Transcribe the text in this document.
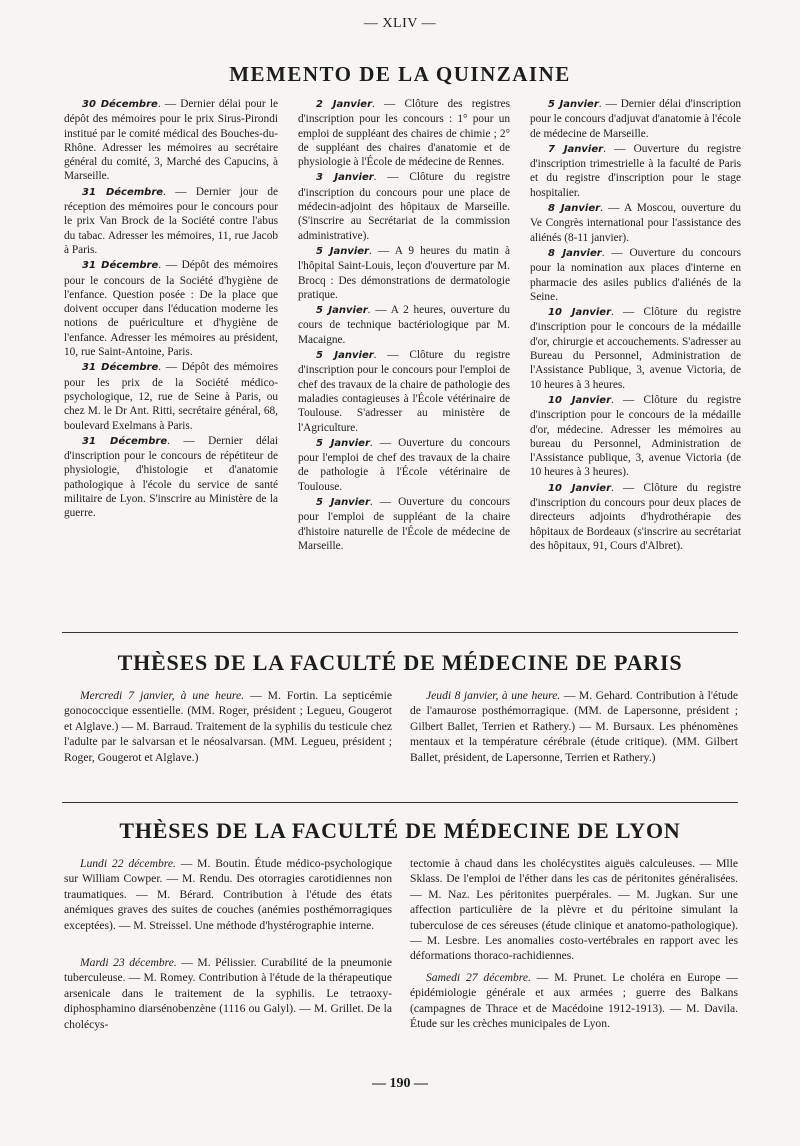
— XLIV —
MEMENTO DE LA QUINZAINE

30 Décembre. — Dernier délai pour le dépôt des mémoires pour le prix Sirus-Pirondi institué par le comité médical des Bouches-du-Rhône. Adresser les mémoires au secrétaire général du comité, 3, Marché des Capucins, à Marseille.

31 Décembre. — Dernier jour de réception des mémoires pour le concours pour le prix Van Brock de la Société contre l'abus du tabac. Adresser les mémoires, 11, rue Jacob à Paris.

31 Décembre. — Dépôt des mémoires pour le concours de la Société d'hygiène de l'enfance. Question posée : De la place que doivent occuper dans l'éducation moderne les notions de puériculture et d'hygiène de l'enfance. Adresser les mémoires au président, 10, rue Saint-Antoine, Paris.

31 Décembre. — Dépôt des mémoires pour les prix de la Société médico-psychologique, 12, rue de Seine à Paris, ou chez M. le Dr Ant. Ritti, secrétaire général, 68, boulevard Exelmans à Paris.

31 Décembre. — Dernier délai d'inscription pour le concours de répétiteur de physiologie, d'histologie et d'anatomie pathologique à l'école du service de santé militaire de Lyon. S'inscrire au Ministère de la guerre.

2 Janvier. — Clôture des registres d'inscription pour les concours : 1° pour un emploi de suppléant des chaires de chimie ; 2° de suppléant des chaires d'anatomie et de physiologie à l'École de médecine de Rennes.

3 Janvier. — Clôture du registre d'inscription du concours pour une place de médecin-adjoint des hôpitaux de Marseille. (S'inscrire au Secrétariat de la commission administrative).

5 Janvier. — A 9 heures du matin à l'hôpital Saint-Louis, leçon d'ouverture par M. Brocq : Des démonstrations de dermatologie pratique.

5 Janvier. — A 2 heures, ouverture du cours de technique bactériologique par M. Macaigne.

5 Janvier. — Clôture du registre d'inscription pour le concours pour l'emploi de chef des travaux de la chaire de pathologie des maladies contagieuses à l'École vétérinaire de Toulouse. S'adresser au ministère de l'Agriculture.

5 Janvier. — Ouverture du concours pour l'emploi de chef des travaux de la chaire de pathologie à l'École vétérinaire de Toulouse.

5 Janvier. — Ouverture du concours pour l'emploi de suppléant de la chaire d'histoire naturelle de l'École de médecine de Marseille.

5 Janvier. — Dernier délai d'inscription pour le concours d'adjuvat d'anatomie à l'école de médecine de Marseille.

7 Janvier. — Ouverture du registre d'inscription trimestrielle à la faculté de Paris et du registre d'inscription pour le stage hospitalier.

8 Janvier. — A Moscou, ouverture du Ve Congrès international pour l'assistance des aliénés (8-11 janvier).

8 Janvier. — Ouverture du concours pour la nomination aux places d'interne en pharmacie des asiles publics d'aliénés de la Seine.

10 Janvier. — Clôture du registre d'inscription pour le concours de la médaille d'or, chirurgie et accouchements. S'adresser au Bureau du Personnel, Administration de l'Assistance Publique, 3, avenue Victoria, de 10 heures à 3 heures.

10 Janvier. — Clôture du registre d'inscription pour le concours de la médaille d'or, médecine. Adresser les mémoires au bureau du Personnel, Administration de l'Assistance publique, 3, avenue Victoria (de 10 heures à 3 heures).

10 Janvier. — Clôture du registre d'inscription du concours pour deux places de directeurs adjoints d'hydrothérapie des hôpitaux de Bordeaux (s'inscrire au secrétariat des hôpitaux, 91, Cours d'Albret).

THÈSES DE LA FACULTÉ DE MÉDECINE DE PARIS

Mercredi 7 janvier, à une heure. — M. Fortin. La septicémie gonococcique essentielle. (MM. Roger, président ; Legueu, Gougerot et Alglave.) — M. Barraud. Traitement de la syphilis du testicule chez l'adulte par le salvarsan et le néosalvarsan. (MM. Legueu, président ; Roger, Gougerot et Alglave.)

Jeudi 8 janvier, à une heure. — M. Gehard. Contribution à l'étude de l'amaurose posthémorragique. (MM. de Lapersonne, président ; Gilbert Ballet, Terrien et Rathery.) — M. Bursaux. Les phénomènes mentaux et la température cérébrale (étude critique). (MM. Gilbert Ballet, président, de Lapersonne, Terrien et Rathery.)

THÈSES DE LA FACULTÉ DE MÉDECINE DE LYON

Lundi 22 décembre. — M. Boutin. Étude médico-psychologique sur William Cowper. — M. Rendu. Des otorragies carotidiennes non traumatiques. — M. Bérard. Contribution à l'étude des états anémiques graves des suites de couches (anémies posthémorragiques exceptées). — M. Streissel. Une méthode d'hystérographie interne.

Mardi 23 décembre. — M. Pélissier. Curabilité de la pneumonie tuberculeuse. — M. Romey. Contribution à l'étude de la thérapeutique arsenicale dans le traitement de la syphilis. Le tetraoxy-diphosphamino diarsénobenzène (1116 ou Galyl). — M. Grillet. De la cholécys-

tectomie à chaud dans les cholécystites aiguës calculeuses. — Mlle Sklass. De l'emploi de l'éther dans les cas de péritonites généralisées. — M. Naz. Les péritonites puerpérales. — M. Jugkan. Sur une affection particulière de la plèvre et du péritoine simulant la tuberculose de ces séreuses (étude clinique et anatomo-pathologique). — M. Lesbre. Les anomalies costo-vertébrales en rapport avec les déformations thoraco-rachidiennes.

Samedi 27 décembre. — M. Prunet. Le choléra en Europe — épidémiologie générale et aux armées ; guerre des Balkans (campagnes de Thrace et de Macédoine 1912-1913). — M. Davila. Étude sur les crèches municipales de Lyon.

— 190 —
